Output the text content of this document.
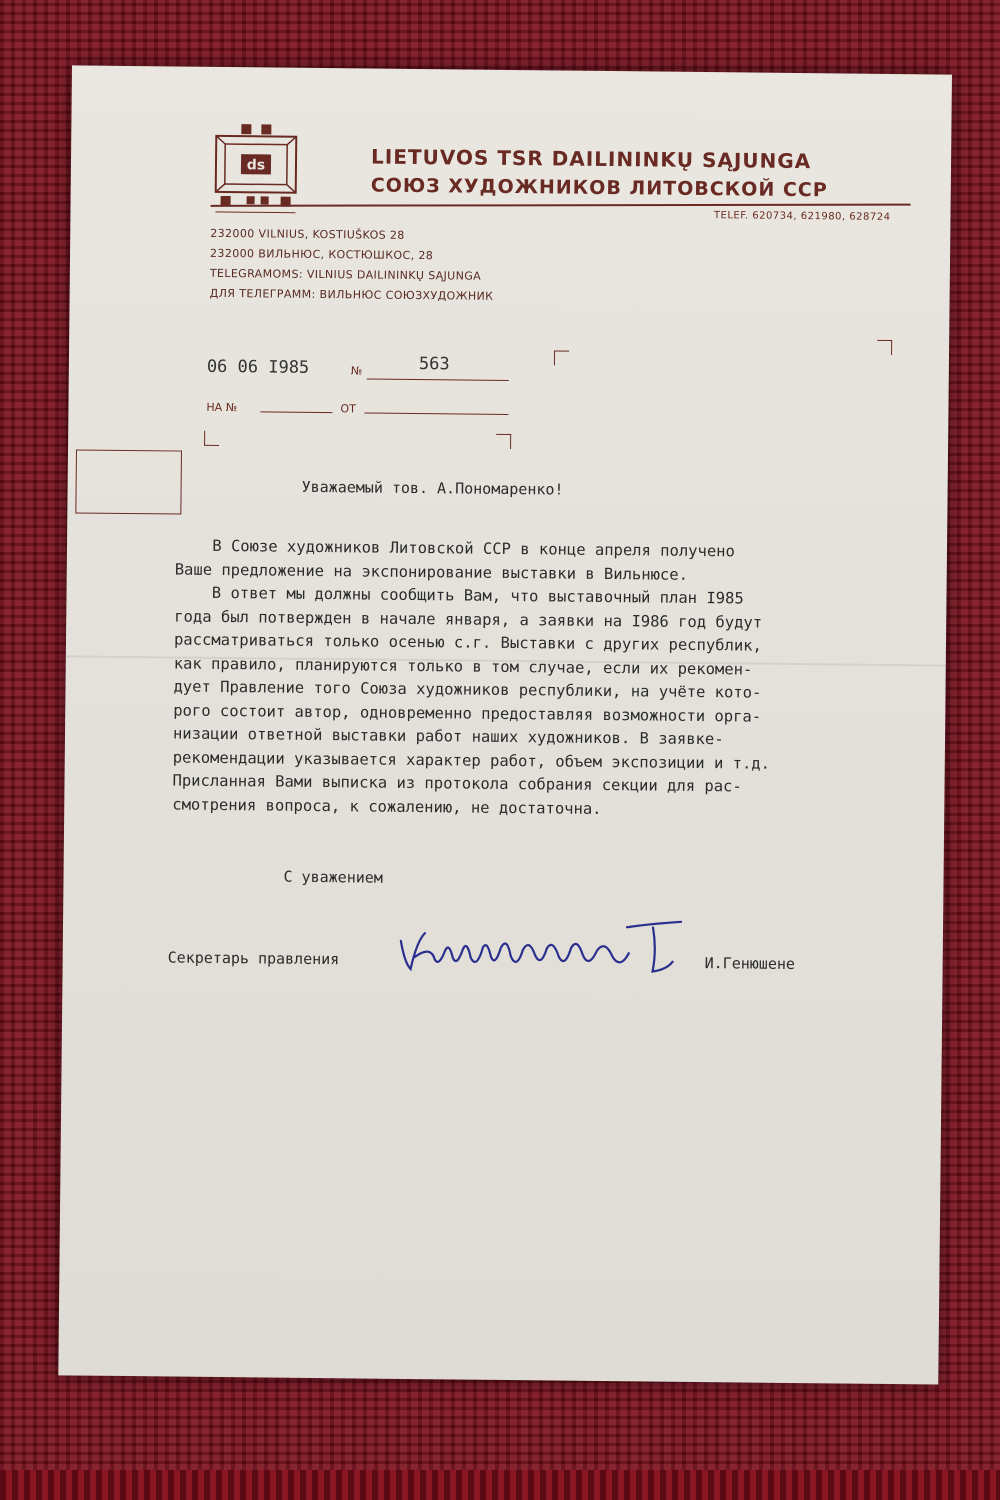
ds	LIETUVOS TSR DAILININKŲ SĄJUNGA
СОЮЗ ХУДОЖНИКОВ ЛИТОВСКОЙ ССР
TELEF. 620734, 621980, 628724
232000 VILNIUS, KOSTIUŠKOS 28
232000 ВИЛЬНЮС, КОСТЮШКОС, 28
TELEGRAMOMS: VILNIUS DAILININKŲ SĄJUNGA
ДЛЯ ТЕЛЕГРАММ: ВИЛЬНЮС СОЮЗХУДОЖНИК
06 06 I985	№	563
НА №	ОТ
Уважаемый тов. А.Пономаренко!
В Союзе художников Литовской ССР в конце апреля получено
Ваше предложение на экспонирование выставки в Вильнюсе.
В ответ мы должны сообщить Вам, что выставочный план I985
года был потвержден в начале января, а заявки на I986 год будут
рассматриваться только осенью с.г. Выставки с других республик,
как правило, планируются только в том случае, если их рекомен-
дует Правление того Союза художников республики, на учёте кото-
рого состоит автор, одновременно предоставляя возможности орга-
низации ответной выставки работ наших художников. В заявке-
рекомендации указывается характер работ, объем экспозиции и т.д.
Присланная Вами выписка из протокола собрания секции для рас-
смотрения вопроса, к сожалению, не достаточна.
С уважением
Секретарь правления	И.Генюшене
